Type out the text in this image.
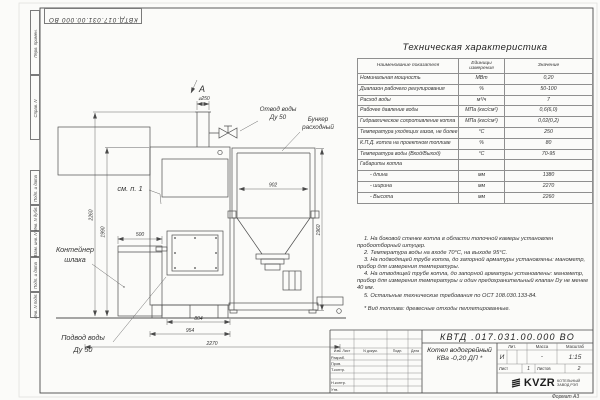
⌀250
902
500
2260
1990	1960
804
954
2270
А
Отвод воды
Ду 50	Бункер
расходный
см. п. 1
Контейнер
шлака
Подвод воды
Ду 50
Перв. примен.
Справ. N
Подп. и дата
Инв. N дубл.
Взам. инв. N
Подп. и дата
Инв. N подл.
КВТД.017.031.00.000 ВО
Техническая характеристика
Наименование показателя	Единицы измерения	Значение
Номинальная мощность	МВт	0,20
Диапазон рабочего регулирования	%	50-100
Расход воды	м³/ч	7
Рабочее давление воды	МПа (кгс/см²)	0,6(6,0)
Гидравлическое сопротивление котла	МПа (кгс/см²)	0,02(0,2)
Температура уходящих газов, не более	°С	250
К.П.Д. котла на проектном топливе	%	80
Температура воды (Вход/Выход)	°С	70-95
Габариты котла		
- длина	мм	1380
- ширина	мм	2270
- Высота	мм	2260
1. На боковой стенке котла в области топочной камеры установлен пробоотборный штуцер.
2. Температура воды на входе 70°С, на выходе 95°С.
3. На подводящей трубе котла, до запорной арматуры установлены: манометр, прибор для измерения температуры.
4. На отводящей трубе котла, до запорной арматуры установлены: манометр, прибор для измерения температуры и один предохранительный клапан Dу не менее 40 мм.
5. Остальные технические требования по ОСТ 108.030.133-84.
* Вид топлива: древесные отходы пеллетированные.
КВТД .017.031.00.000 ВО
Котел водогрейный
КВа -0,20 ДП *
Изм. Лист	N докум.	Подп.	Дата
Разраб.
Пров.
Т.контр.
Н.контр.
Утв.
Лит.	Масса	Масштаб
И	-	1:15
Лист	1	Листов	2
KVZR КОТЕЛЬНЫЙ
ЗАВОД РЭП
Формат А3
